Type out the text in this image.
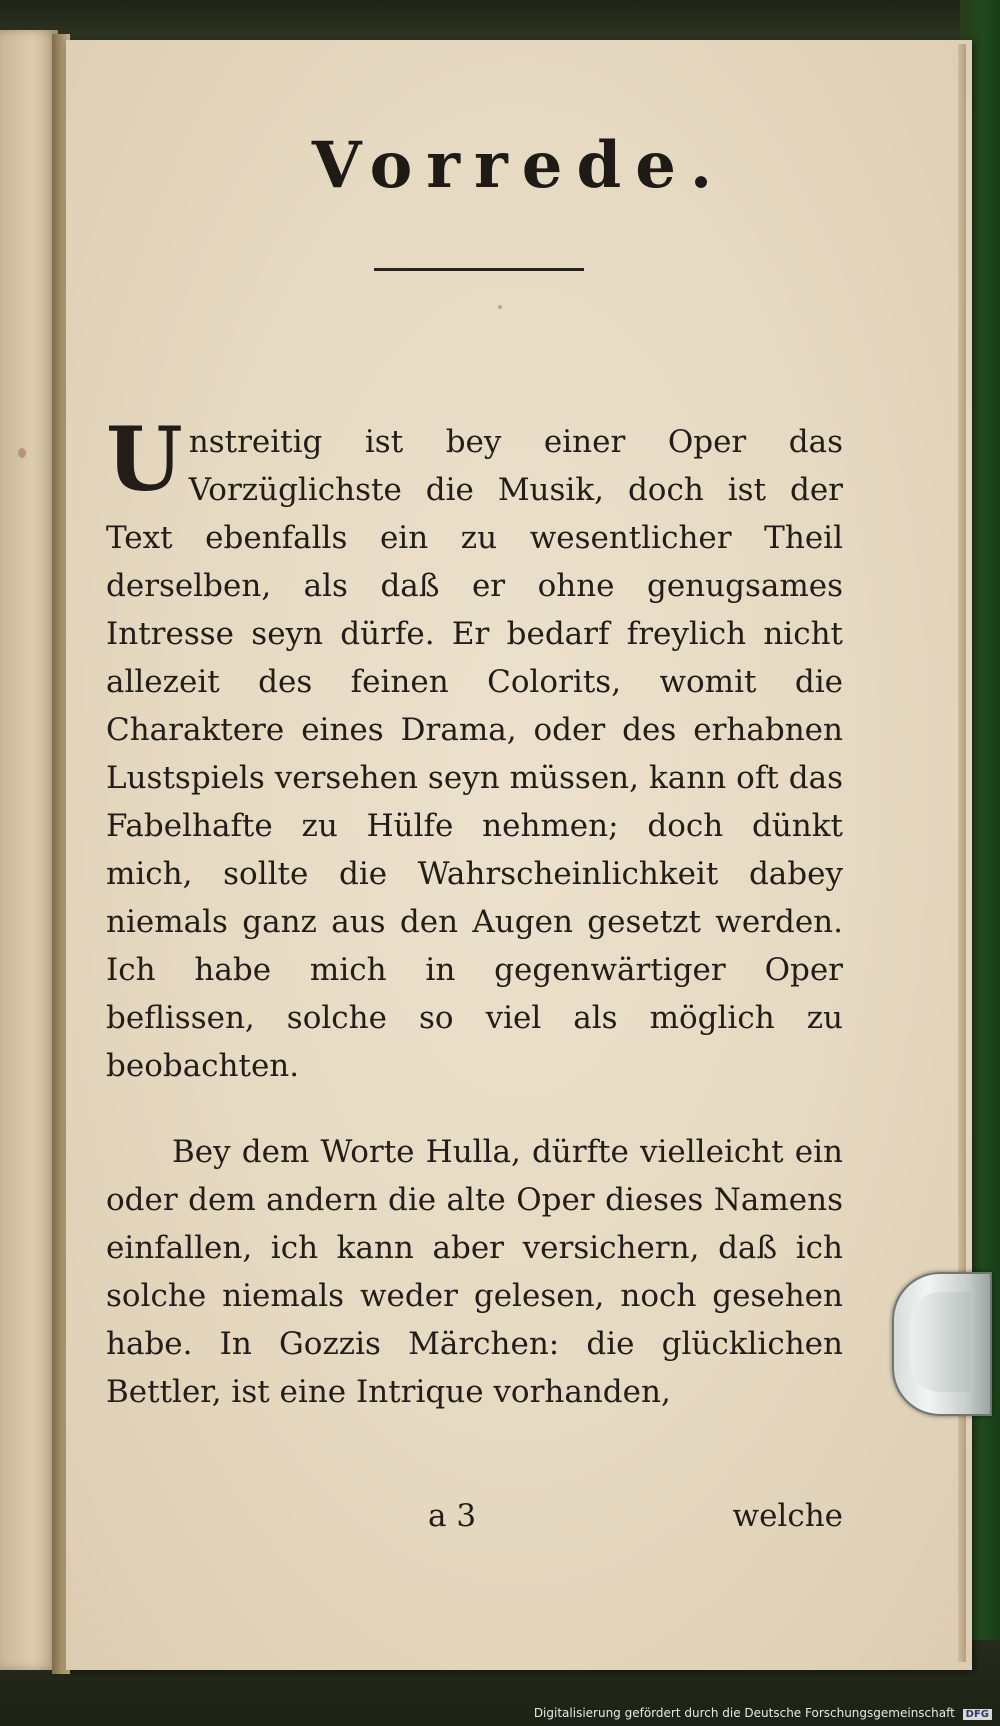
Vorrede.

Unstreitig ist bey einer Oper das Vorzüglichste die Musik, doch ist der Text ebenfalls ein zu wesentlicher Theil derselben, als daß er ohne genugsames Intresse seyn dürfe. Er bedarf freylich nicht allezeit des feinen Colorits, womit die Charaktere eines Drama, oder des erhabnen Lustspiels versehen seyn müssen, kann oft das Fabelhafte zu Hülfe nehmen; doch dünkt mich, sollte die Wahrscheinlichkeit dabey niemals ganz aus den Augen gesetzt werden. Ich habe mich in gegenwärtiger Oper beflissen, solche so viel als möglich zu beobachten.

Bey dem Worte Hulla, dürfte vielleicht ein oder dem andern die alte Oper dieses Namens einfallen, ich kann aber versichern, daß ich solche niemals weder gelesen, noch gesehen habe. In Gozzis Märchen: die glücklichen Bettler, ist eine Intrique vorhanden,

a 3	welche
Digitalisierung gefördert durch die Deutsche Forschungsgemeinschaft DFG
